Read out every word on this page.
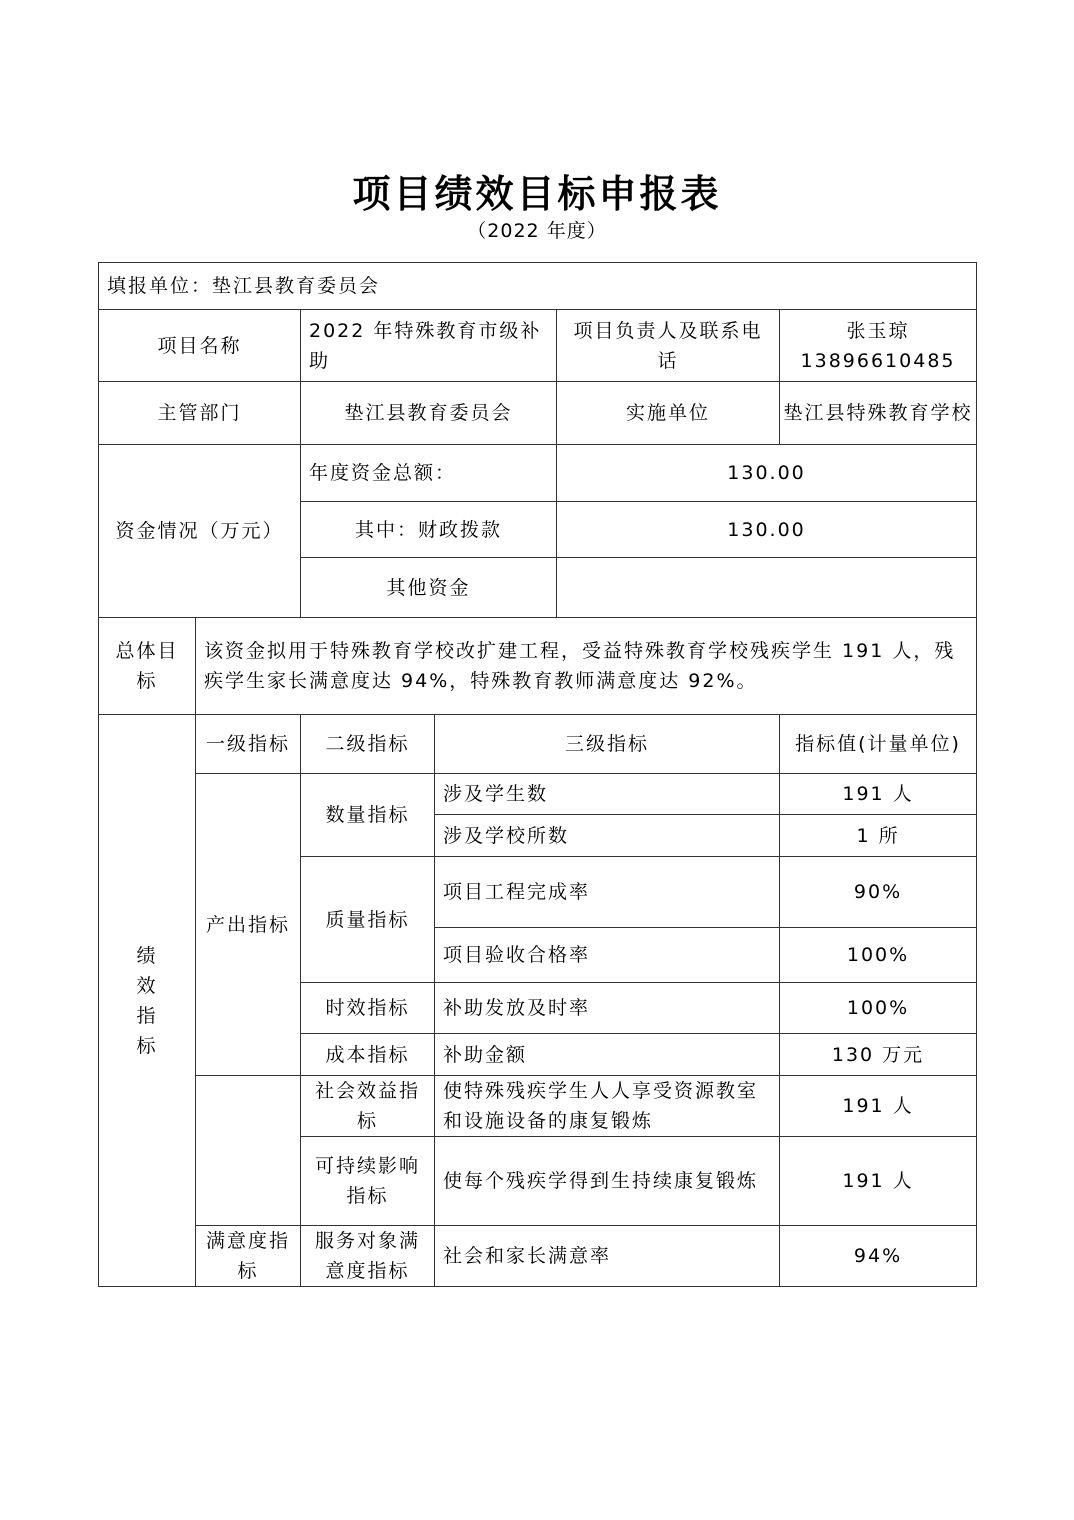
项目绩效目标申报表
（2022 年度）
填报单位：垫江县教育委员会					
项目名称		2022 年特殊教育市级补助		项目负责人及联系电话	张玉琼 13896610485
主管部门		垫江县教育委员会		实施单位	垫江县特殊教育学校
资金情况（万元）		年度资金总额：		130.00	
		其中：财政拨款		130.00	
		其他资金			
总体目标	该资金拟用于特殊教育学校改扩建工程，受益特殊教育学校残疾学生 191 人，残疾学生家长满意度达 94%，特殊教育教师满意度达 92%。				
绩效指标	一级指标	二级指标	三级指标		指标值(计量单位)
	产出指标	数量指标	涉及学生数		191 人
			涉及学校所数		1 所
		质量指标	项目工程完成率		90%
			项目验收合格率		100%
		时效指标	补助发放及时率		100%
		成本指标	补助金额		130 万元
		社会效益指标	使特殊残疾学生人人享受资源教室和设施设备的康复锻炼		191 人
		可持续影响指标	使每个残疾学得到生持续康复锻炼		191 人
	满意度指标	服务对象满意度指标	社会和家长满意率		94%
